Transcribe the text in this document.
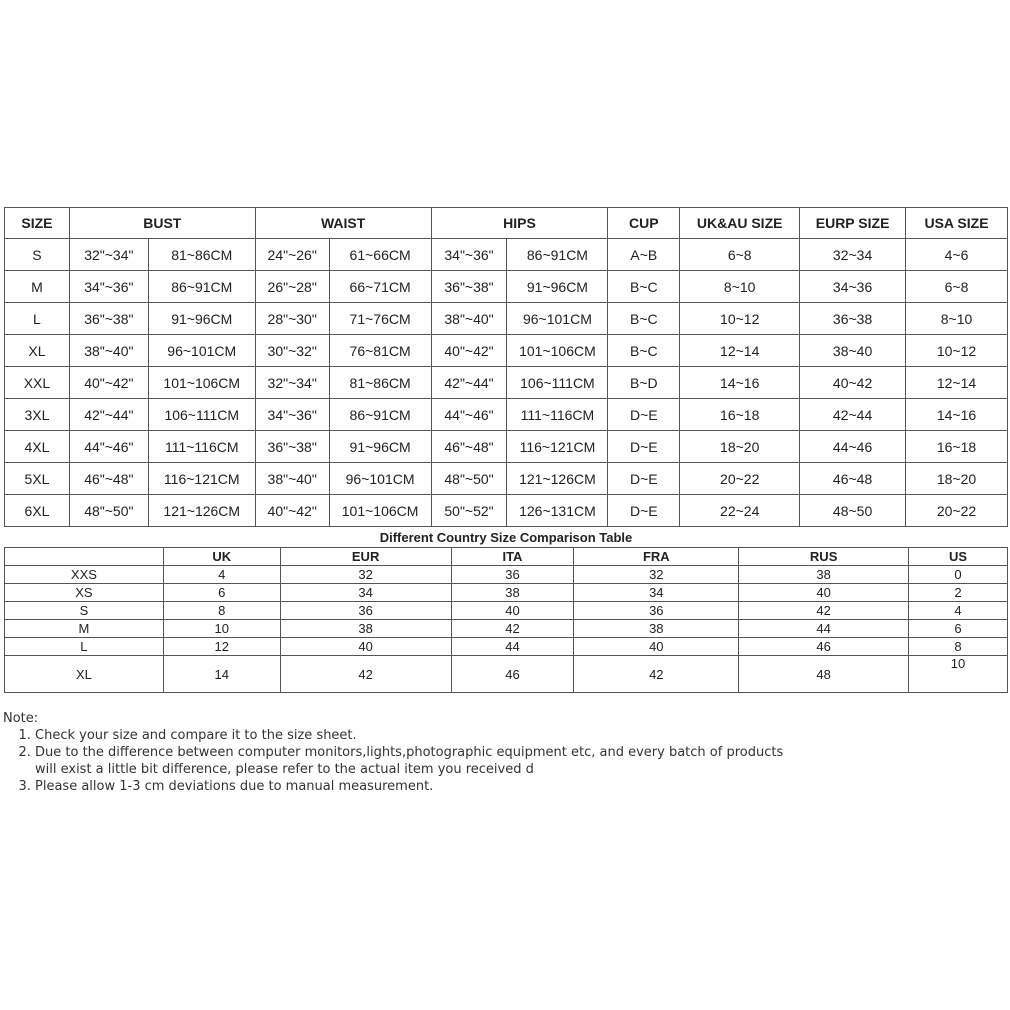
SIZE	BUST		WAIST		HIPS		CUP	UK&AU SIZE	EURP SIZE	USA SIZE
S	32"~34"	81~86CM	24"~26"	61~66CM	34"~36"	86~91CM	A~B	6~8	32~34	4~6
M	34"~36"	86~91CM	26"~28"	66~71CM	36"~38"	91~96CM	B~C	8~10	34~36	6~8
L	36"~38"	91~96CM	28"~30"	71~76CM	38"~40"	96~101CM	B~C	10~12	36~38	8~10
XL	38"~40"	96~101CM	30"~32"	76~81CM	40"~42"	101~106CM	B~C	12~14	38~40	10~12
XXL	40"~42"	101~106CM	32"~34"	81~86CM	42"~44"	106~111CM	B~D	14~16	40~42	12~14
3XL	42"~44"	106~111CM	34"~36"	86~91CM	44"~46"	111~116CM	D~E	16~18	42~44	14~16
4XL	44"~46"	111~116CM	36"~38"	91~96CM	46"~48"	116~121CM	D~E	18~20	44~46	16~18
5XL	46"~48"	116~121CM	38"~40"	96~101CM	48"~50"	121~126CM	D~E	20~22	46~48	18~20
6XL	48"~50"	121~126CM	40"~42"	101~106CM	50"~52"	126~131CM	D~E	22~24	48~50	20~22
Different Country Size Comparison Table
	UK	EUR	ITA	FRA	RUS	US
XXS	4	32	36	32	38	0
XS	6	34	38	34	40	2
S	8	36	40	36	42	4
M	10	38	42	38	44	6
L	12	40	44	40	46	8
XL	14	42	46	42	48	10
Note:
1. Check your size and compare it to the size sheet.
2. Due to the difference between computer monitors,lights,photographic equipment etc, and every batch of products will exist a little bit difference, please refer to the actual item you received d
3. Please allow 1-3 cm deviations due to manual measurement.
